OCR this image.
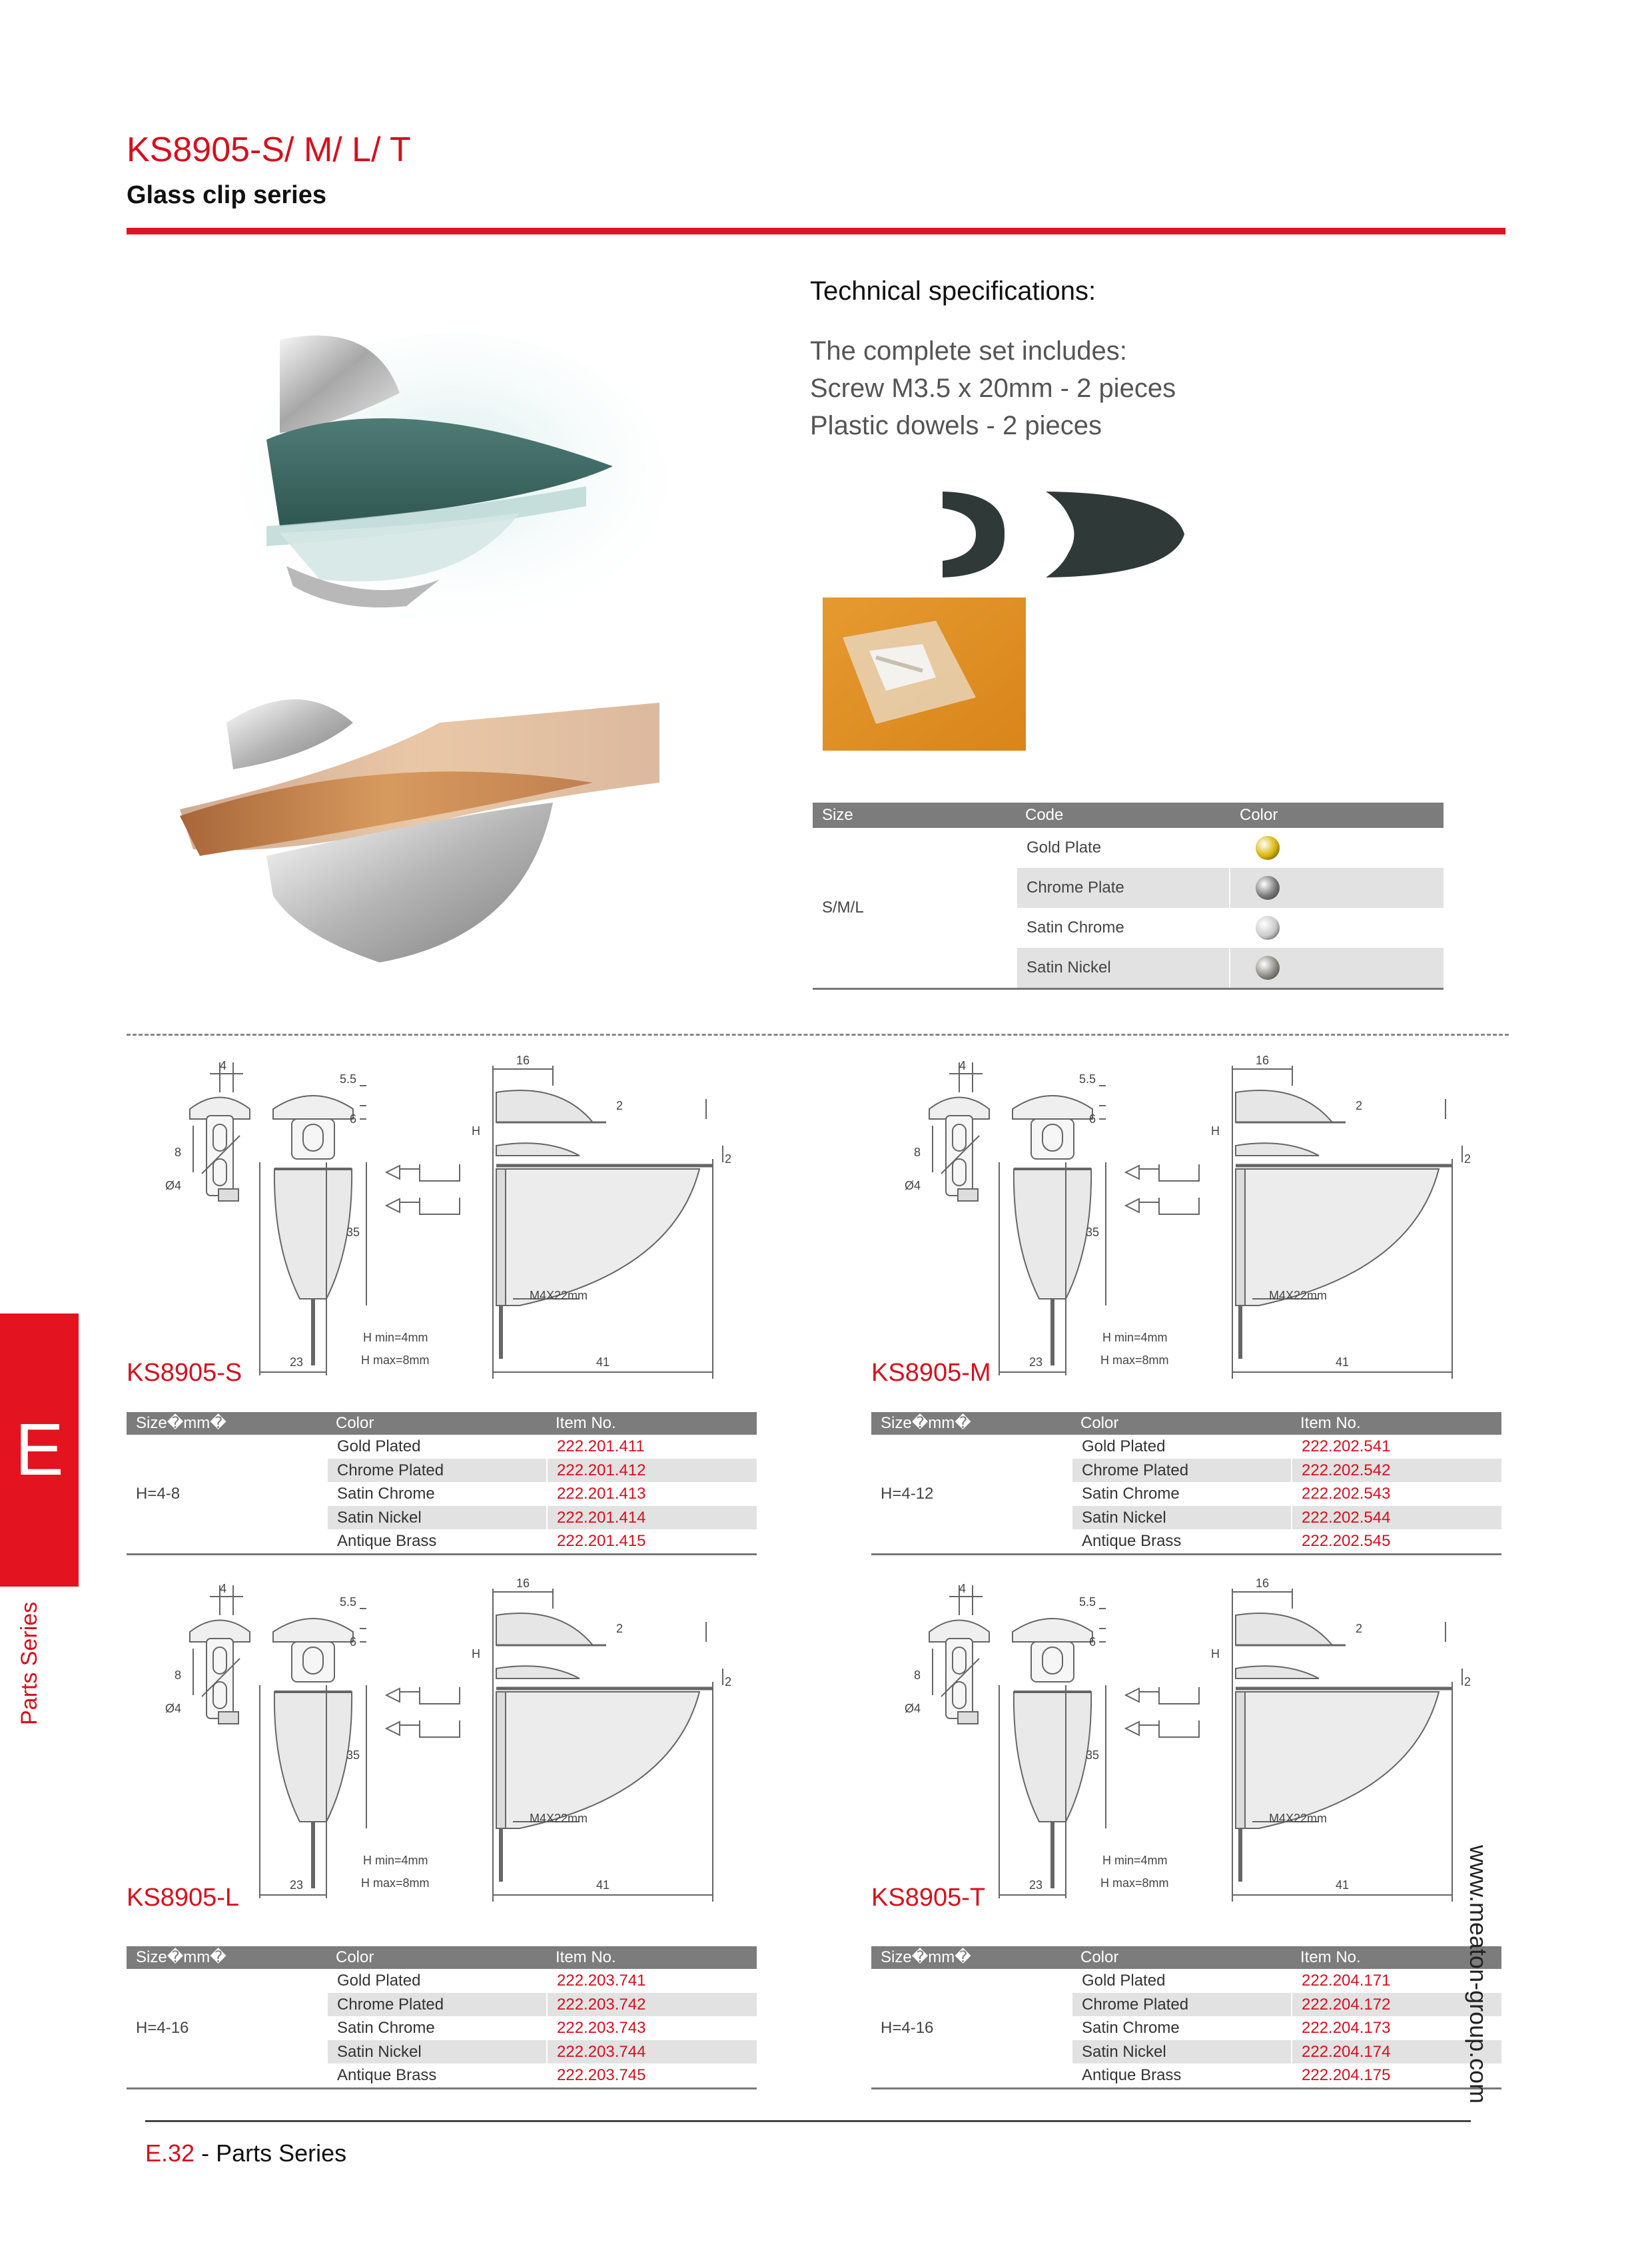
KS8905-S/ M/ L/ T
Glass clip series
Technical specifications:
The complete set includes:
Screw M3.5 x 20mm - 2 pieces
Plastic dowels - 2 pieces
Size	Code	Color
S/M/L
Gold Plate
Chrome Plate
Satin Chrome
Satin Nickel
4
5.5
6
8
Ø4
35
16
2
2
H
M4X22mm
H min=4mm
H max=8mm
23	41
KS8905-S
Size�mm�	Color	Item No.
H=4-8
Gold Plated	222.201.411
Chrome Plated	222.201.412
Satin Chrome	222.201.413
Satin Nickel	222.201.414
Antique Brass	222.201.415
4
5.5
6
8
Ø4
35
16
2
2
H
M4X22mm
H min=4mm
H max=8mm
23	41
KS8905-M
Size�mm�	Color	Item No.
H=4-12
Gold Plated	222.202.541
Chrome Plated	222.202.542
Satin Chrome	222.202.543
Satin Nickel	222.202.544
Antique Brass	222.202.545
4
5.5
6
8
Ø4
35
16
2
2
H
M4X22mm
H min=4mm
H max=8mm
23	41
KS8905-L
Size�mm�	Color	Item No.
H=4-16
Gold Plated	222.203.741
Chrome Plated	222.203.742
Satin Chrome	222.203.743
Satin Nickel	222.203.744
Antique Brass	222.203.745
4
5.5
6
8
Ø4
35
16
2
2
H
M4X22mm
H min=4mm
H max=8mm
23	41
KS8905-T
Size�mm�	Color	Item No.
H=4-16
Gold Plated	222.204.171
Chrome Plated	222.204.172
Satin Chrome	222.204.173
Satin Nickel	222.204.174
Antique Brass	222.204.175
E
Parts Series
www.meaton-group.com
E.32 - Parts Series
